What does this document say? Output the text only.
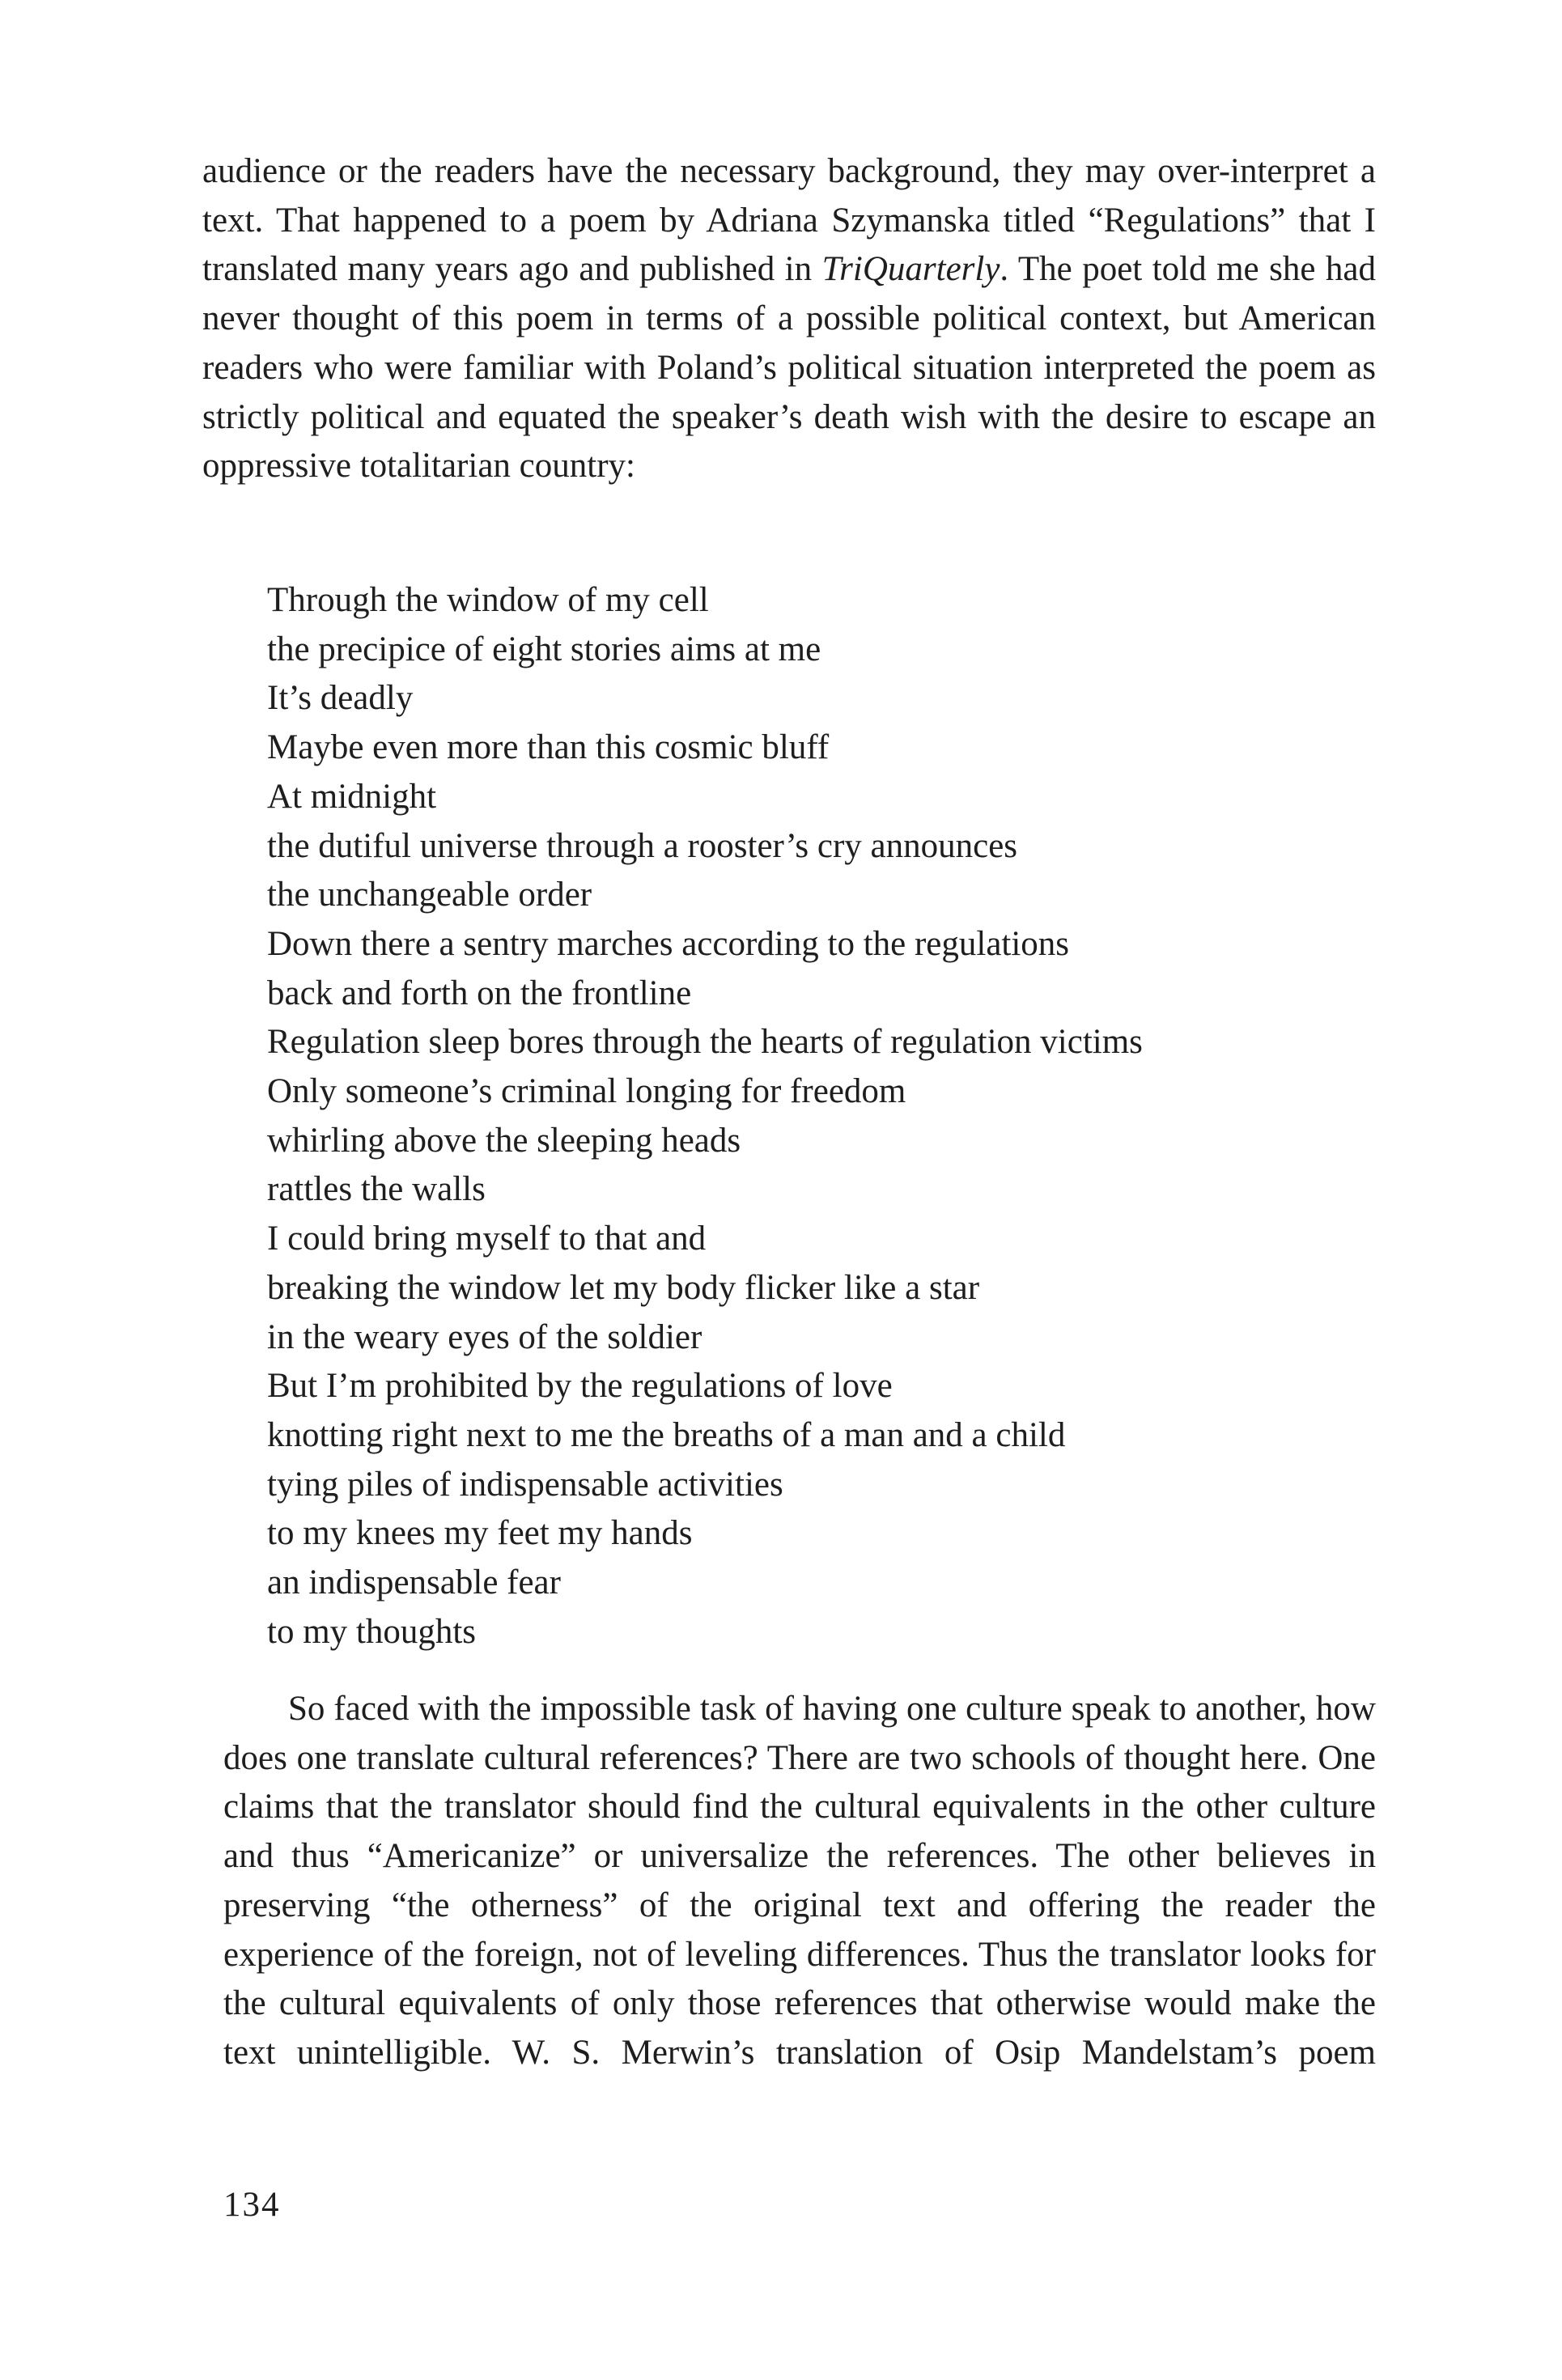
audience or the readers have the necessary background, they may over-interpret a text. That happened to a poem by Adriana Szymanska titled “Regulations” that I translated many years ago and published in TriQuarterly. The poet told me she had never thought of this poem in terms of a possible political context, but American readers who were familiar with Poland’s political situation interpreted the poem as strictly political and equated the speaker’s death wish with the desire to escape an oppressive totalitarian country:

Through the window of my cell
the precipice of eight stories aims at me
It’s deadly
Maybe even more than this cosmic bluff
At midnight
the dutiful universe through a rooster’s cry announces
the unchangeable order
Down there a sentry marches according to the regulations
back and forth on the frontline
Regulation sleep bores through the hearts of regulation victims
Only someone’s criminal longing for freedom
whirling above the sleeping heads
rattles the walls
I could bring myself to that and
breaking the window let my body flicker like a star
in the weary eyes of the soldier
But I’m prohibited by the regulations of love
knotting right next to me the breaths of a man and a child
tying piles of indispensable activities
to my knees my feet my hands
an indispensable fear
to my thoughts

So faced with the impossible task of having one culture speak to another, how does one translate cultural references? There are two schools of thought here. One claims that the translator should find the cultural equivalents in the other culture and thus “Americanize” or universalize the references. The other believes in preserving “the otherness” of the original text and offering the reader the experience of the foreign, not of leveling differences. Thus the translator looks for the cultural equivalents of only those references that otherwise would make the text unintelligible. W. S. Merwin’s translation of Osip Mandelstam’s poem

134
